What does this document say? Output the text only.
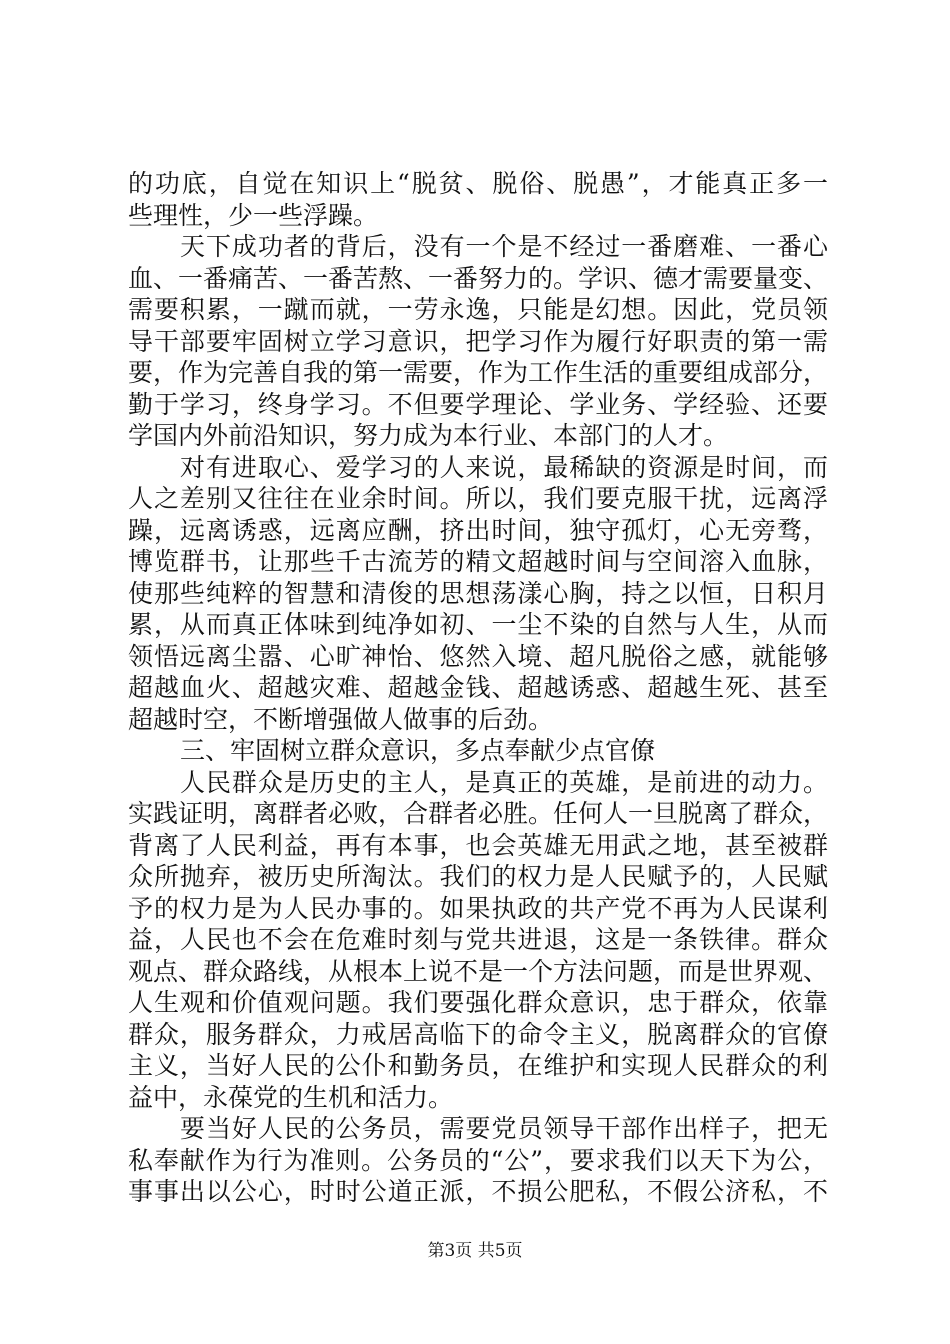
的功底，自觉在知识上“脱贫、脱俗、脱愚”，才能真正多一
些理性，少一些浮躁。
天下成功者的背后，没有一个是不经过一番磨难、一番心
血、一番痛苦、一番苦熬、一番努力的。学识、德才需要量变、
需要积累，一蹴而就，一劳永逸，只能是幻想。因此，党员领
导干部要牢固树立学习意识，把学习作为履行好职责的第一需
要，作为完善自我的第一需要，作为工作生活的重要组成部分，
勤于学习，终身学习。不但要学理论、学业务、学经验、还要
学国内外前沿知识，努力成为本行业、本部门的人才。
对有进取心、爱学习的人来说，最稀缺的资源是时间，而
人之差别又往往在业余时间。所以，我们要克服干扰，远离浮
躁，远离诱惑，远离应酬，挤出时间，独守孤灯，心无旁骛，
博览群书，让那些千古流芳的精文超越时间与空间溶入血脉，
使那些纯粹的智慧和清俊的思想荡漾心胸，持之以恒，日积月
累，从而真正体味到纯净如初、一尘不染的自然与人生，从而
领悟远离尘嚣、心旷神怡、悠然入境、超凡脱俗之感，就能够
超越血火、超越灾难、超越金钱、超越诱惑、超越生死、甚至
超越时空，不断增强做人做事的后劲。
三、牢固树立群众意识，多点奉献少点官僚
人民群众是历史的主人，是真正的英雄，是前进的动力。
实践证明，离群者必败，合群者必胜。任何人一旦脱离了群众，
背离了人民利益，再有本事，也会英雄无用武之地，甚至被群
众所抛弃，被历史所淘汰。我们的权力是人民赋予的，人民赋
予的权力是为人民办事的。如果执政的共产党不再为人民谋利
益，人民也不会在危难时刻与党共进退，这是一条铁律。群众
观点、群众路线，从根本上说不是一个方法问题，而是世界观、
人生观和价值观问题。我们要强化群众意识，忠于群众，依靠
群众，服务群众，力戒居高临下的命令主义，脱离群众的官僚
主义，当好人民的公仆和勤务员，在维护和实现人民群众的利
益中，永葆党的生机和活力。
要当好人民的公务员，需要党员领导干部作出样子，把无
私奉献作为行为准则。公务员的“公”，要求我们以天下为公，
事事出以公心，时时公道正派，不损公肥私，不假公济私，不
第3页 共5页
